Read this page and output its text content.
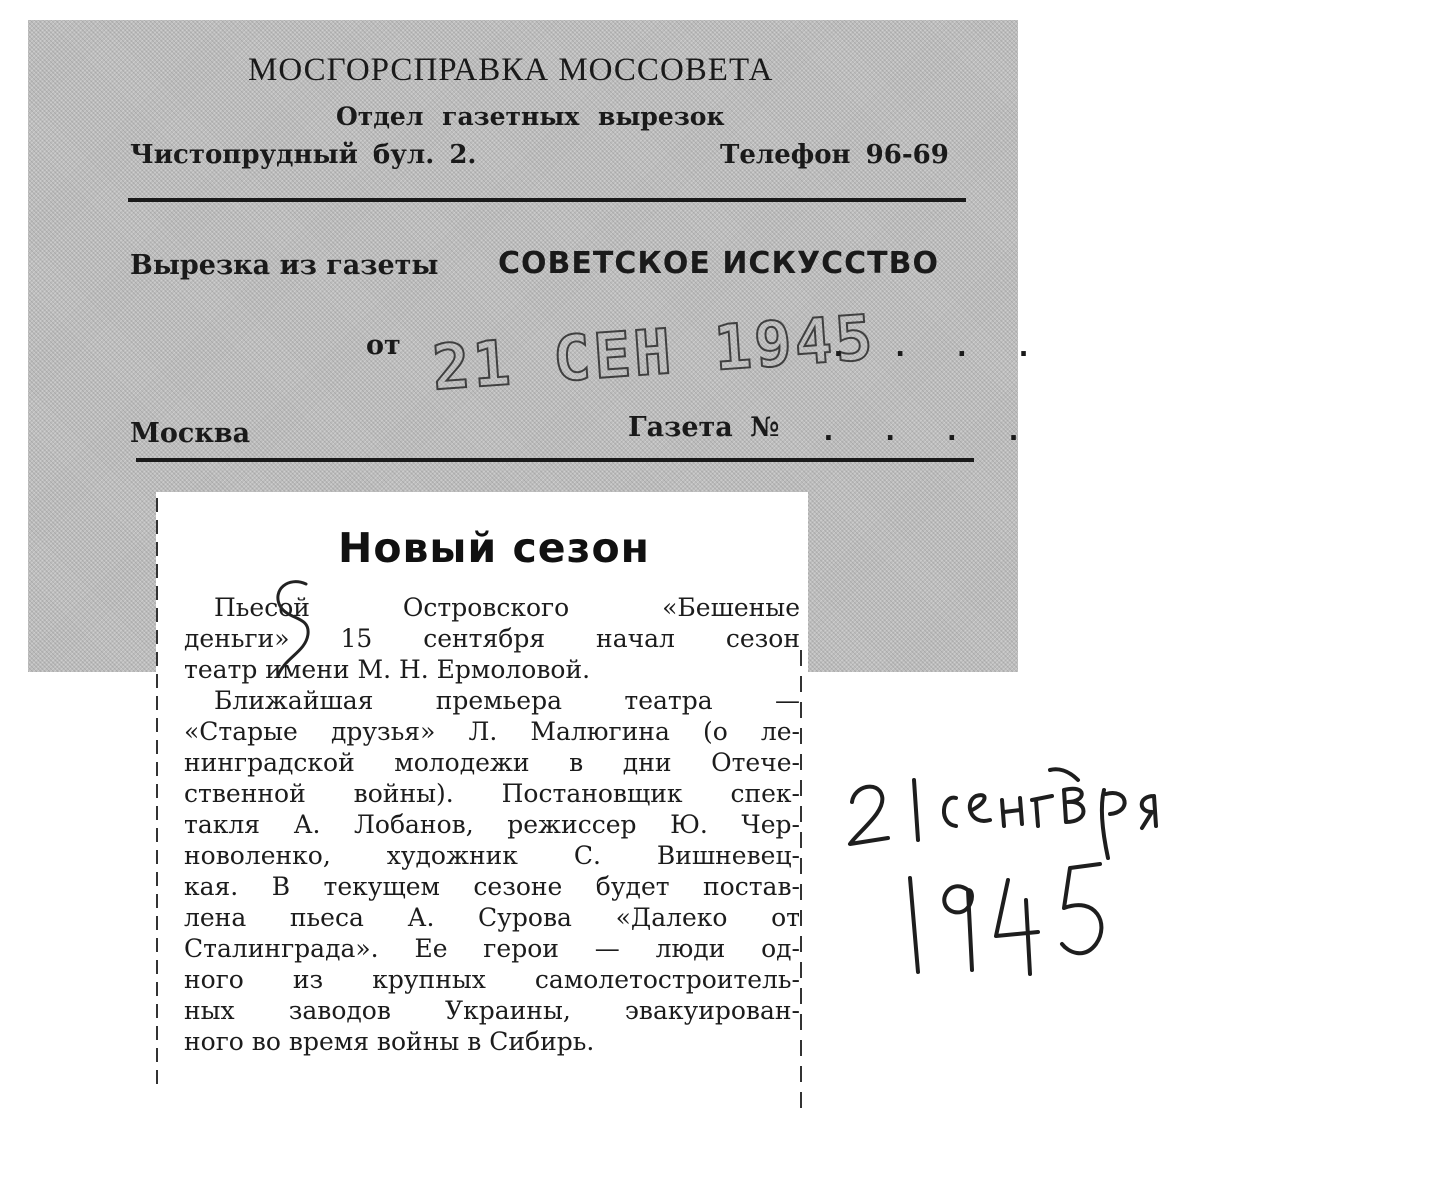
МОСГОРСПРАВКА МОССОВЕТА
Отдел газетных вырезок
Чистопрудный бул. 2.	Телефон 96-69
Вырезка из газеты СОВЕТСКОЕ ИСКУССТВО
от 21 СЕН 1945
. . . .
Москва	Газета № . . . .
Новый сезон
Пьесой Островского «Бешеные
деньги» 15 сентября начал сезон
театр имени М. Н. Ермоловой.
Ближайшая премьера театра —
«Старые друзья» Л. Малюгина (о ле-
нинградской молодежи в дни Отече-
ственной войны). Постановщик спек-
такля А. Лобанов, режиссер Ю. Чер-
новоленко, художник С. Вишневец-
кая. В текущем сезоне будет постав-
лена пьеса А. Сурова «Далеко от
Сталинграда». Ее герои — люди од-
ного из крупных самолетостроитель-
ных заводов Украины, эвакуирован-
ного во время войны в Сибирь.
